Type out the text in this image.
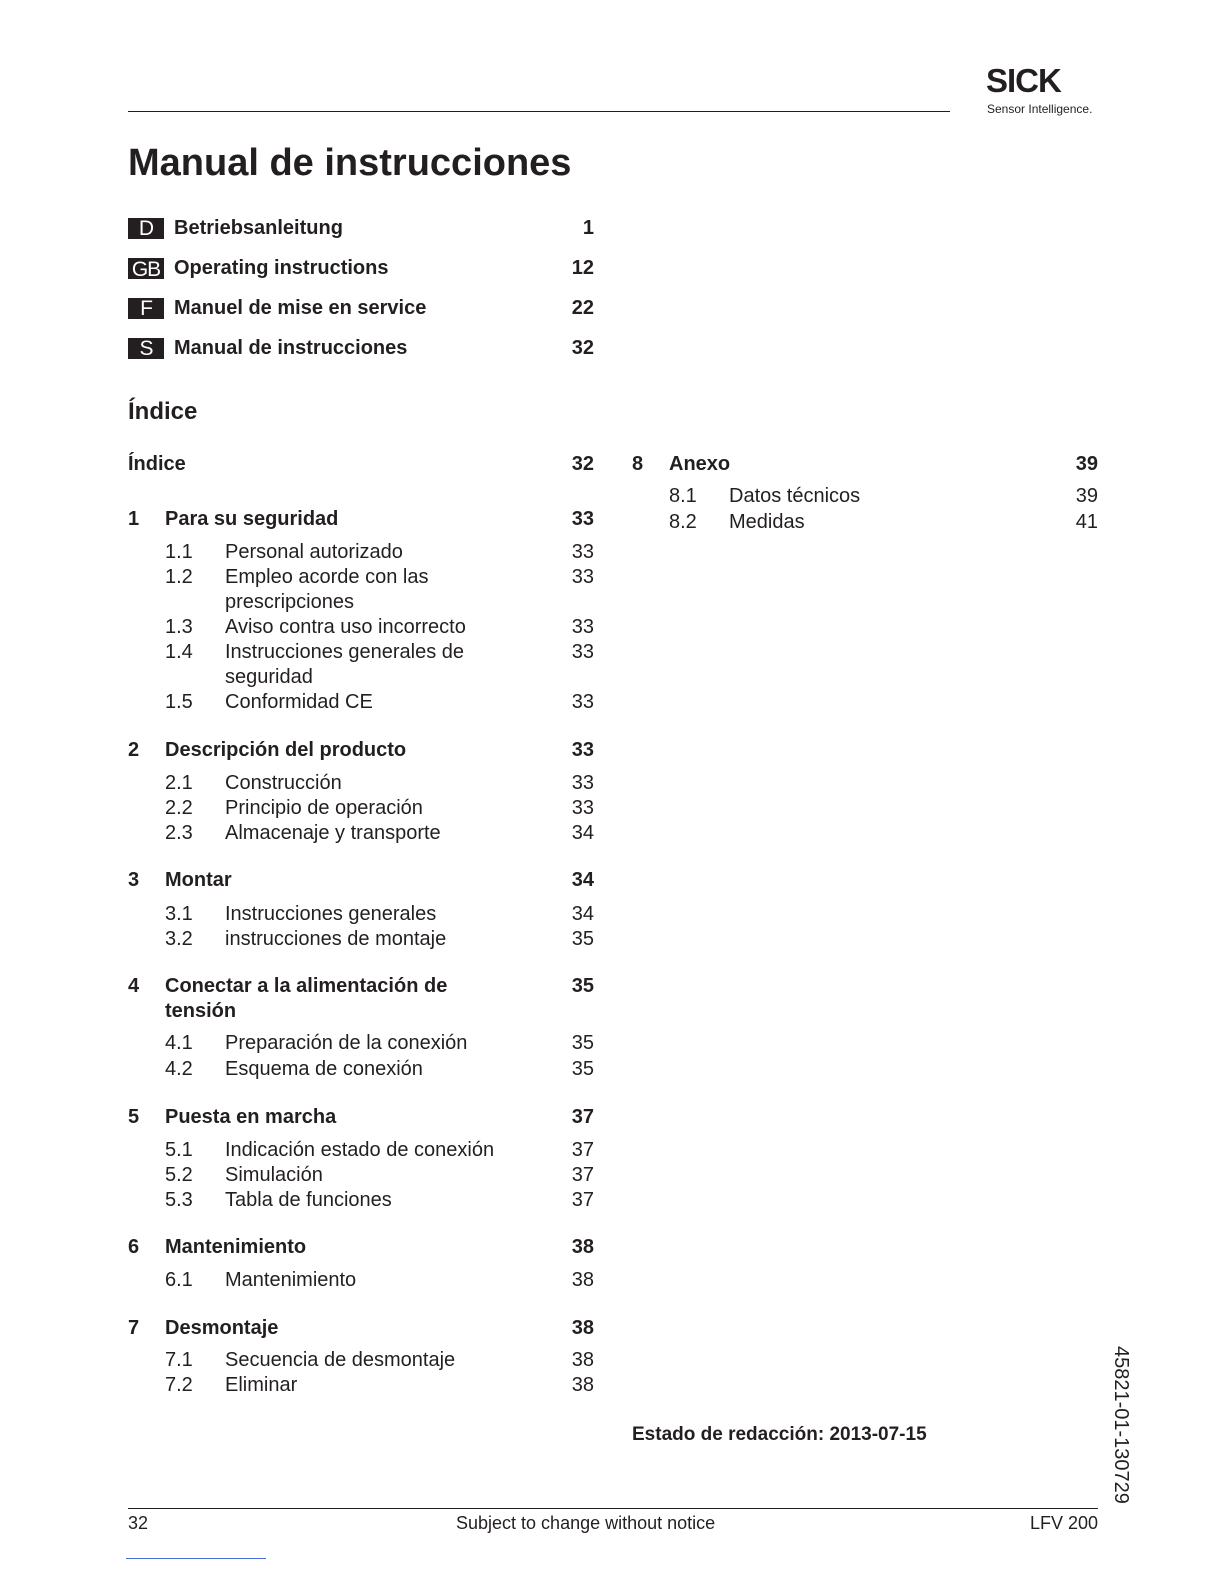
SICK
Sensor Intelligence.
Manual de instrucciones
D	Betriebsanleitung	1
GB Operating instructions	12
F	Manuel de mise en service	22
S	Manual de instrucciones	32
Índice
Índice	32
1 Para su seguridad	33
1.1 Personal autorizado	33
1.2 Empleo acorde con las prescripciones
33
1.3 Aviso contra uso incorrecto	33
1.4 Instrucciones generales de seguridad
33
1.5 Conformidad CE	33
2 Descripción del producto	33
2.1 Construcción	33
2.2 Principio de operación	33
2.3 Almacenaje y transporte	34
3 Montar	34
3.1 Instrucciones generales	34
3.2 instrucciones de montaje	35
4 Conectar a la alimentación de tensión
35
4.1 Preparación de la conexión	35
4.2 Esquema de conexión	35
5 Puesta en marcha	37
5.1 Indicación estado de conexión	37
5.2 Simulación	37
5.3 Tabla de funciones	37
6 Mantenimiento	38
6.1 Mantenimiento	38
7 Desmontaje	38
7.1 Secuencia de desmontaje	38
7.2 Eliminar	38
8 Anexo	39
8.1 Datos técnicos	39
8.2 Medidas	41
Estado de redacción: 2013-07-15	45821-01-130729
32	Subject to change without notice	LFV 200
